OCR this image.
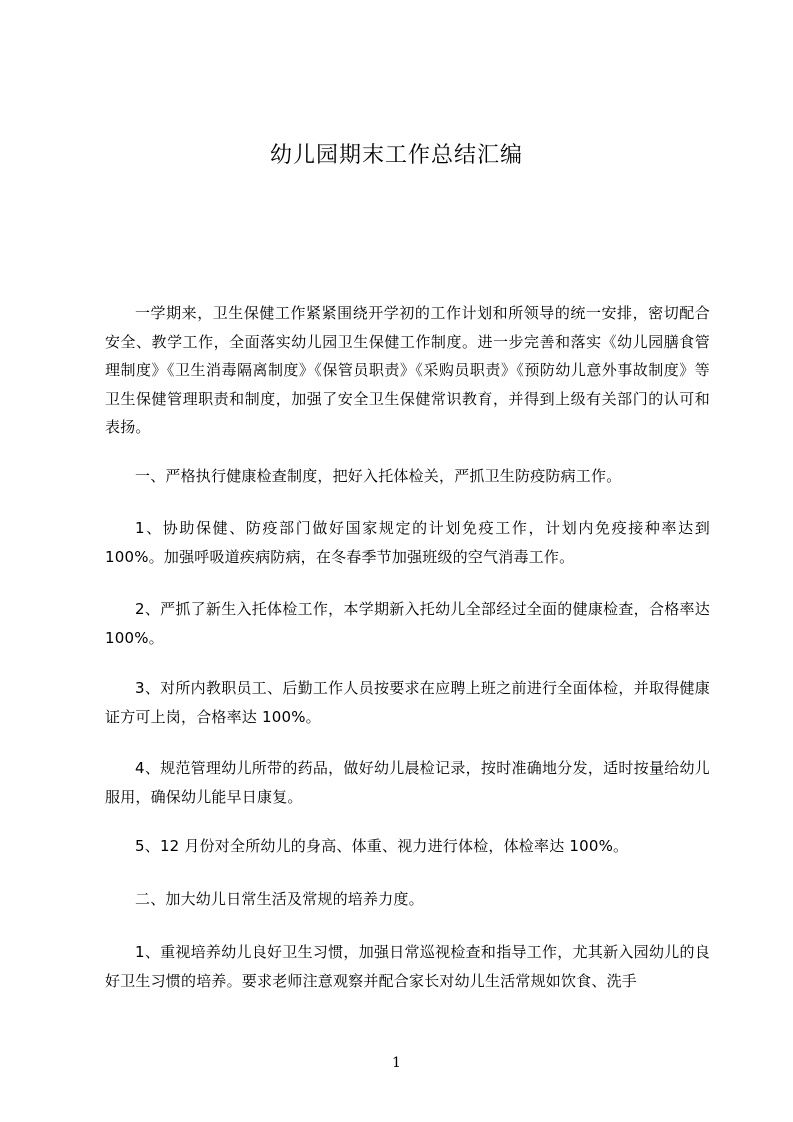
幼儿园期末工作总结汇编

一学期来，卫生保健工作紧紧围绕开学初的工作计划和所领导的统一安排，密切配合安全、教学工作，全面落实幼儿园卫生保健工作制度。进一步完善和落实《幼儿园膳食管理制度》《卫生消毒隔离制度》《保管员职责》《采购员职责》《预防幼儿意外事故制度》等卫生保健管理职责和制度，加强了安全卫生保健常识教育，并得到上级有关部门的认可和表扬。

一、严格执行健康检查制度，把好入托体检关，严抓卫生防疫防病工作。

1、协助保健、防疫部门做好国家规定的计划免疫工作，计划内免疫接种率达到100%。加强呼吸道疾病防病，在冬春季节加强班级的空气消毒工作。

2、严抓了新生入托体检工作，本学期新入托幼儿全部经过全面的健康检查，合格率达 100%。

3、对所内教职员工、后勤工作人员按要求在应聘上班之前进行全面体检，并取得健康证方可上岗，合格率达 100%。

4、规范管理幼儿所带的药品，做好幼儿晨检记录，按时准确地分发，适时按量给幼儿服用，确保幼儿能早日康复。

5、12 月份对全所幼儿的身高、体重、视力进行体检，体检率达 100%。

二、加大幼儿日常生活及常规的培养力度。

1、重视培养幼儿良好卫生习惯，加强日常巡视检查和指导工作，尤其新入园幼儿的良好卫生习惯的培养。要求老师注意观察并配合家长对幼儿生活常规如饮食、洗手

1
